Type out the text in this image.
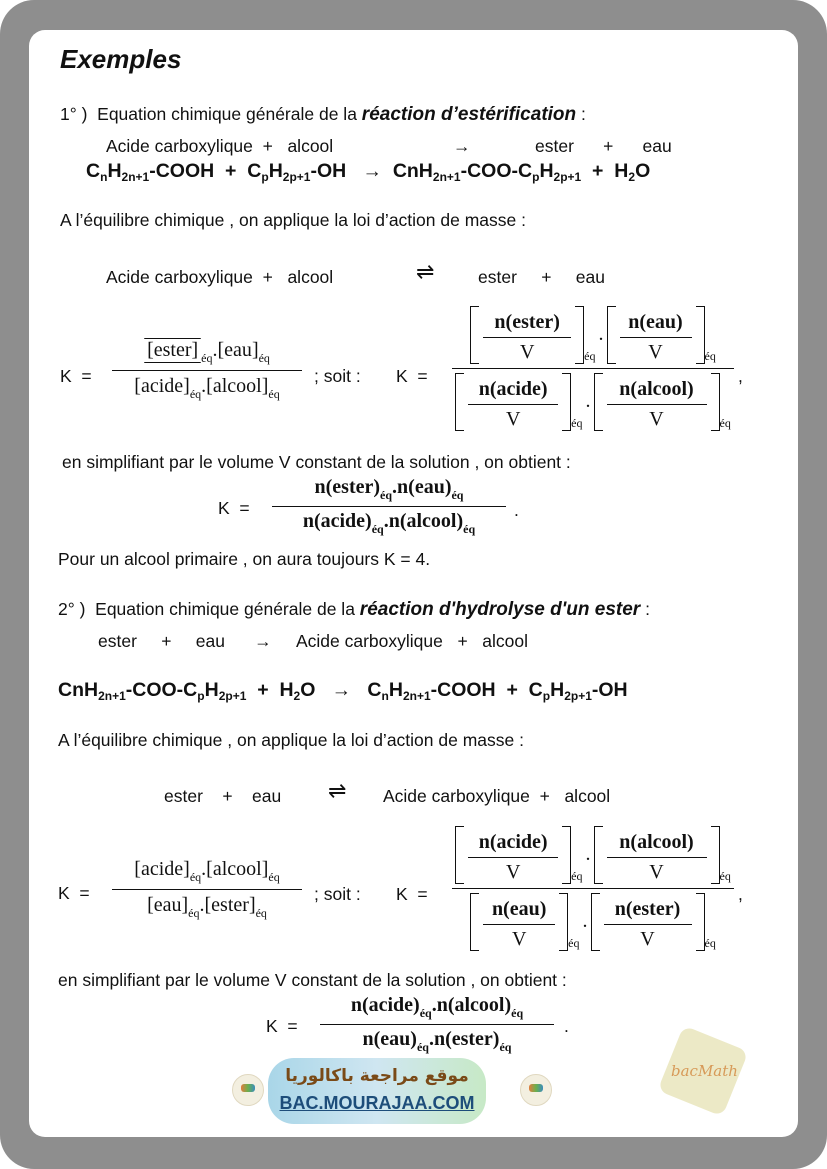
Exemples
1° ) Equation chimique générale de la réaction d’estérification :
Acide carboxylique + alcool	→	ester + eau
$C_nH_{2n+1}$-COOH  +  $C_pH_{2p+1}-OH \to CnH_{2n+1}-COO-C_pH_{2p+1} + H_2O$
A l’équilibre chimique , on applique la loi d’action de masse :
Acide carboxylique + alcool	⇌ ester + eau
K =
[ester] $_{éq}.[eau]_{éq}$
$[acide]_{éq}.[alcool]_{éq}$
; soit : K =
n(ester)
V	éq
.
n(eau)
V	éq
n(acide)
V	éq
.
n(alcool)
V	éq
,
en simplifiant par le volume V constant de la solution , on obtient :
K =
$n(ester)_{éq}.n(eau)_{éq}$
$n(acide)_{éq}.n(alcool)_{éq}$
.
Pour un alcool primaire , on aura toujours K = 4.
2° ) Equation chimique générale de la réaction d'hydrolyse d'un ester :
ester + eau → Acide carboxylique + alcool
$CnH_{2n+1}-COO-C_pH_{2p+1} + H_2O$   →   $C_nH_{2n+1}$-COOH  +  $C_pH_{2p+1}-OH$
A l’équilibre chimique , on applique la loi d’action de masse :
ester + eau ⇌ Acide carboxylique + alcool
K =
$[acide]_{éq}.[alcool]_{éq}$
$[eau]_{éq}.[ester]_{éq}$
; soit : K =
n(acide)
V	éq
.
n(alcool)
V	éq
n(eau)
V	éq
.
n(ester)
V	éq
,
en simplifiant par le volume V constant de la solution , on obtient :
K =
$n(acide)_{éq}.n(alcool)_{éq}$
$n(eau)_{éq}.n(ester)_{éq}$
.
موقع مراجعة باكالوريا
BAC.MOURAJAA.COM
bacMath
